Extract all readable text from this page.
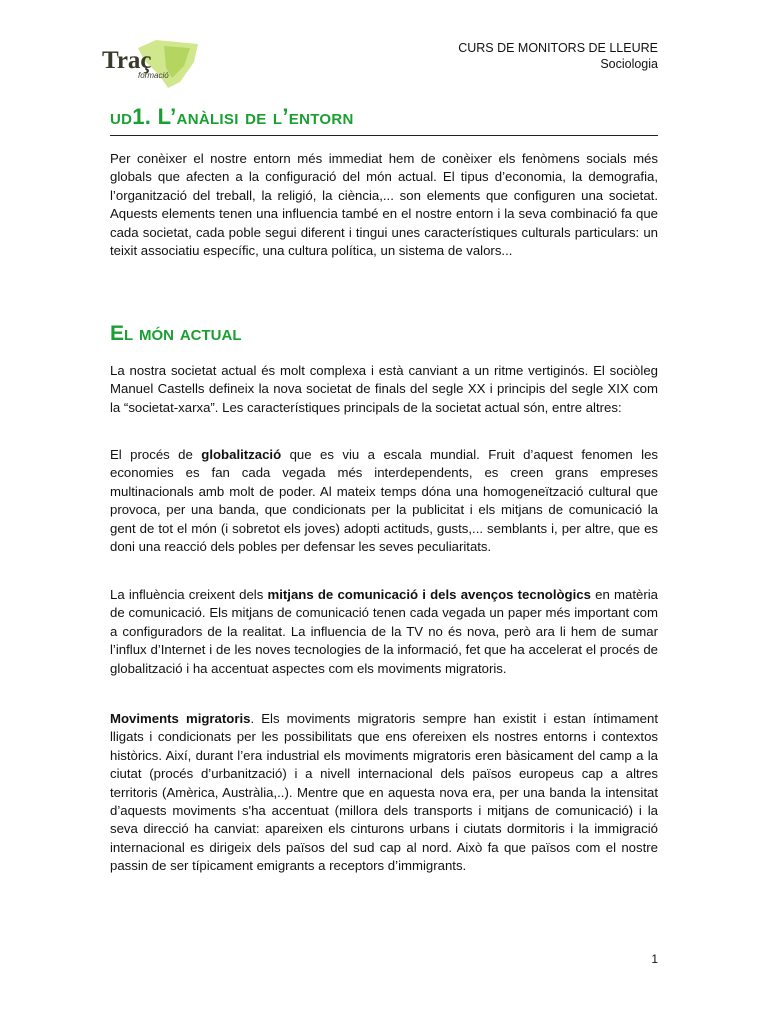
Traç
formació
CURS DE MONITORS DE LLEURE
Sociologia
ud1. L’anàlisi de l’entorn

Per conèixer el nostre entorn més immediat hem de conèixer els fenòmens socials més globals que afecten a la configuració del món actual. El tipus d’economia, la demografia, l’organització del treball, la religió, la ciència,... son elements que configuren una societat. Aquests elements tenen una influencia també en el nostre entorn i la seva combinació fa que cada societat, cada poble segui diferent i tingui unes característiques culturals particulars: un teixit associatiu específic, una cultura política, un sistema de valors...

El món actual

La nostra societat actual és molt complexa i està canviant a un ritme vertiginós. El sociòleg Manuel Castells defineix la nova societat de finals del segle XX i principis del segle XIX com la “societat-xarxa”. Les característiques principals de la societat actual són, entre altres:

El procés de globalització que es viu a escala mundial. Fruit d’aquest fenomen les economies es fan cada vegada més interdependents, es creen grans empreses multinacionals amb molt de poder. Al mateix temps dóna una homogeneïtzació cultural que provoca, per una banda, que condicionats per la publicitat i els mitjans de comunicació la gent de tot el món (i sobretot els joves) adopti actituds, gusts,... semblants i, per altre, que es doni una reacció dels pobles per defensar les seves peculiaritats.

La influència creixent dels mitjans de comunicació i dels avenços tecnològics en matèria de comunicació. Els mitjans de comunicació tenen cada vegada un paper més important com a configuradors de la realitat. La influencia de la TV no és nova, però ara li hem de sumar l’influx d’Internet i de les noves tecnologies de la informació, fet que ha accelerat el procés de globalització i ha accentuat aspectes com els moviments migratoris.

Moviments migratoris. Els moviments migratoris sempre han existit i estan íntimament lligats i condicionats per les possibilitats que ens ofereixen els nostres entorns i contextos històrics. Així, durant l’era industrial els moviments migratoris eren bàsicament del camp a la ciutat (procés d’urbanització) i a nivell internacional dels països europeus cap a altres territoris (Amèrica, Austràlia,..). Mentre que en aquesta nova era, per una banda la intensitat d’aquests moviments s'ha accentuat (millora dels transports i mitjans de comunicació) i la seva direcció ha canviat: apareixen els cinturons urbans i ciutats dormitoris i la immigració internacional es dirigeix dels països del sud cap al nord. Això fa que països com el nostre passin de ser típicament emigrants a receptors d’immigrants.

1
